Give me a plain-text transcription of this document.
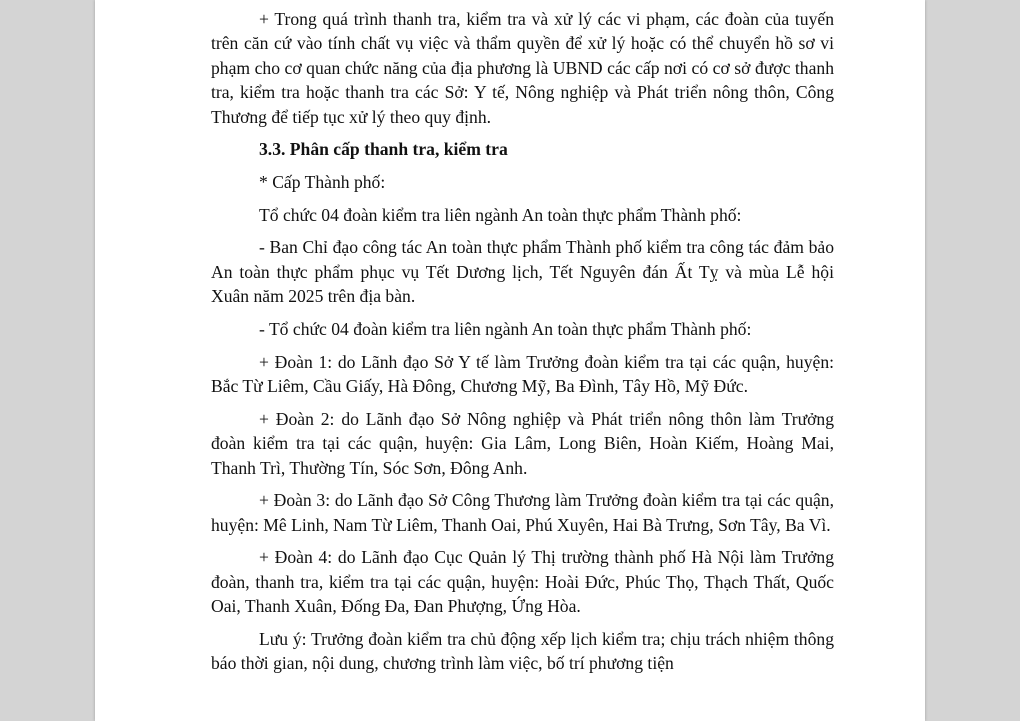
+ Trong quá trình thanh tra, kiểm tra và xử lý các vi phạm, các đoàn của tuyến trên căn cứ vào tính chất vụ việc và thẩm quyền để xử lý hoặc có thể chuyển hồ sơ vi phạm cho cơ quan chức năng của địa phương là UBND các cấp nơi có cơ sở được thanh tra, kiểm tra hoặc thanh tra các Sở: Y tế, Nông nghiệp và Phát triển nông thôn, Công Thương để tiếp tục xử lý theo quy định.

3.3. Phân cấp thanh tra, kiểm tra

* Cấp Thành phố:

Tổ chức 04 đoàn kiểm tra liên ngành An toàn thực phẩm Thành phố:

- Ban Chỉ đạo công tác An toàn thực phẩm Thành phố kiểm tra công tác đảm bảo An toàn thực phẩm phục vụ Tết Dương lịch, Tết Nguyên đán Ất Tỵ và mùa Lễ hội Xuân năm 2025 trên địa bàn.

- Tổ chức 04 đoàn kiểm tra liên ngành An toàn thực phẩm Thành phố:

+ Đoàn 1: do Lãnh đạo Sở Y tế làm Trưởng đoàn kiểm tra tại các quận, huyện: Bắc Từ Liêm, Cầu Giấy, Hà Đông, Chương Mỹ, Ba Đình, Tây Hồ, Mỹ Đức.

+ Đoàn 2: do Lãnh đạo Sở Nông nghiệp và Phát triển nông thôn làm Trưởng đoàn kiểm tra tại các quận, huyện: Gia Lâm, Long Biên, Hoàn Kiếm, Hoàng Mai, Thanh Trì, Thường Tín, Sóc Sơn, Đông Anh.

+ Đoàn 3: do Lãnh đạo Sở Công Thương làm Trưởng đoàn kiểm tra tại các quận, huyện: Mê Linh, Nam Từ Liêm, Thanh Oai, Phú Xuyên, Hai Bà Trưng, Sơn Tây, Ba Vì.

+ Đoàn 4: do Lãnh đạo Cục Quản lý Thị trường thành phố Hà Nội làm Trưởng đoàn, thanh tra, kiểm tra tại các quận, huyện: Hoài Đức, Phúc Thọ, Thạch Thất, Quốc Oai, Thanh Xuân, Đống Đa, Đan Phượng, Ứng Hòa.

Lưu ý: Trưởng đoàn kiểm tra chủ động xếp lịch kiểm tra; chịu trách nhiệm thông báo thời gian, nội dung, chương trình làm việc, bố trí phương tiện
